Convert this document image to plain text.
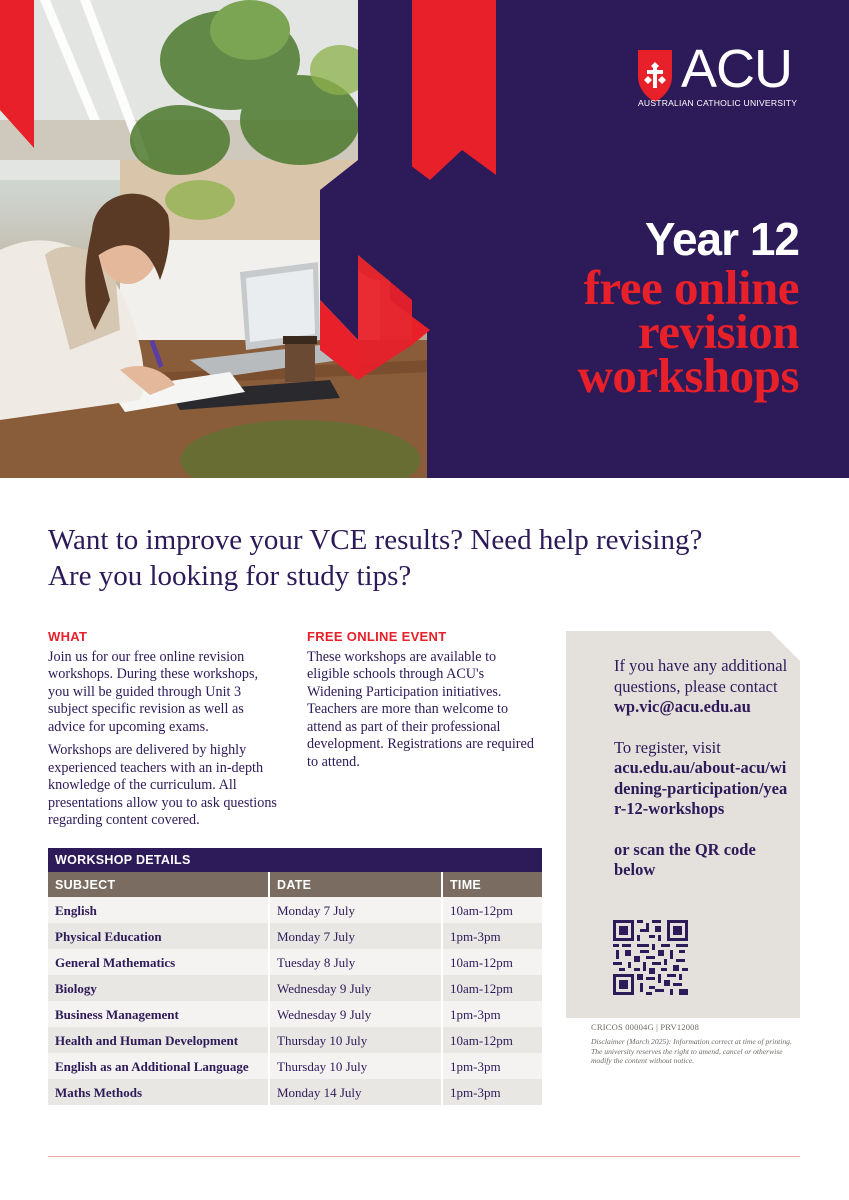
ACU
AUSTRALIAN CATHOLIC UNIVERSITY
Year 12
free online
revision
workshops
Want to improve your VCE results? Need help revising?
Are you looking for study tips?
WHAT

Join us for our free online revision workshops. During these workshops, you will be guided through Unit 3 subject specific revision as well as advice for upcoming exams.

Workshops are delivered by highly experienced teachers with an in-depth knowledge of the curriculum. All presentations allow you to ask questions regarding content covered.

FREE ONLINE EVENT

These workshops are available to eligible schools through ACU's Widening Participation initiatives. Teachers are more than welcome to attend as part of their professional development. Registrations are required to attend.

If you have any additional questions, please contact
wp.vic@acu.edu.au
To register, visit
acu.edu.au/about-acu/widening-participation/year-12-workshops
or scan the QR code below
CRICOS 00004G | PRV12008
Disclaimer (March 2025): Information correct at time of printing. The university reserves the right to amend, cancel or otherwise modify the content without notice.
WORKSHOP DETAILS
SUBJECT	DATE	TIME
English	Monday 7 July	10am-12pm
Physical Education	Monday 7 July	1pm-3pm
General Mathematics	Tuesday 8 July	10am-12pm
Biology	Wednesday 9 July	10am-12pm
Business Management	Wednesday 9 July	1pm-3pm
Health and Human Development	Thursday 10 July	10am-12pm
English as an Additional Language	Thursday 10 July	1pm-3pm
Maths Methods	Monday 14 July	1pm-3pm
